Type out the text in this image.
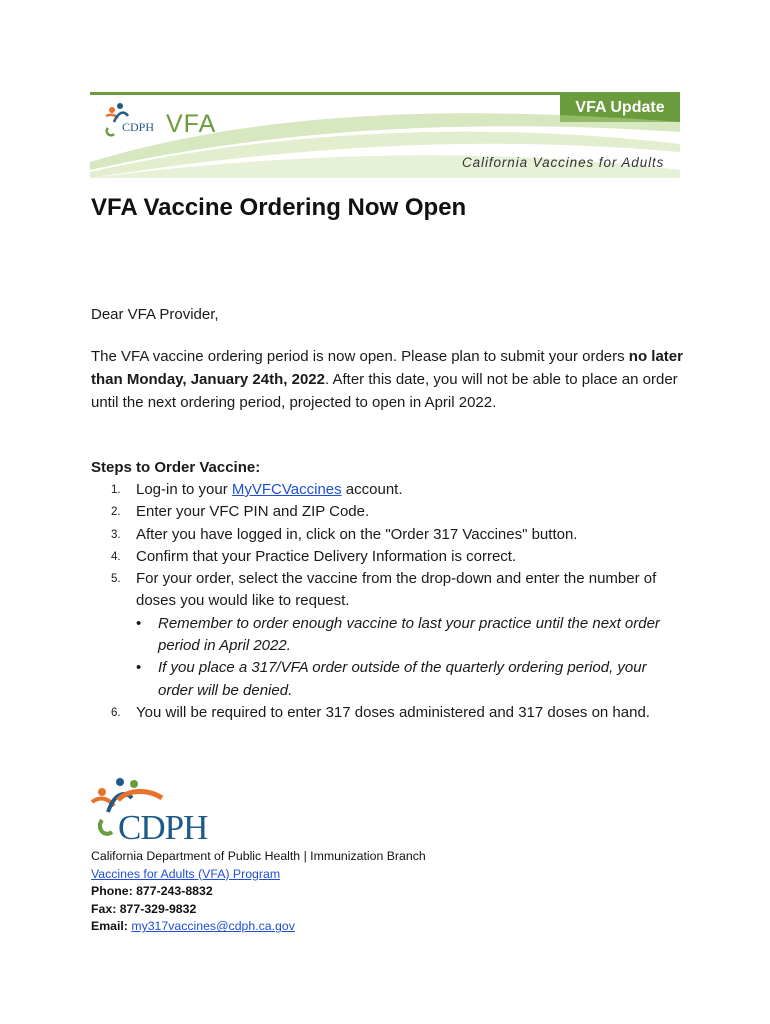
CDPH VFA
VFA Update
California Vaccines for Adults
VFA Vaccine Ordering Now Open
Dear VFA Provider,
The VFA vaccine ordering period is now open. Please plan to submit your orders no later than Monday, January 24th, 2022. After this date, you will not be able to place an order until the next ordering period, projected to open in April 2022.
Steps to Order Vaccine:
1.	Log-in to your MyVFCVaccines account.
2.	Enter your VFC PIN and ZIP Code.
3.	After you have logged in, click on the "Order 317 Vaccines" button.
4.	Confirm that your Practice Delivery Information is correct.
5.	For your order, select the vaccine from the drop-down and enter the number of doses you would like to request.
• Remember to order enough vaccine to last your practice until the next order period in April 2022.
• If you place a 317/VFA order outside of the quarterly ordering period, your order will be denied.
6.	You will be required to enter 317 doses administered and 317 doses on hand.
CDPH
California Department of Public Health | Immunization Branch
Vaccines for Adults (VFA) Program
Phone: 877-243-8832
Fax: 877-329-9832
Email: my317vaccines@cdph.ca.gov
